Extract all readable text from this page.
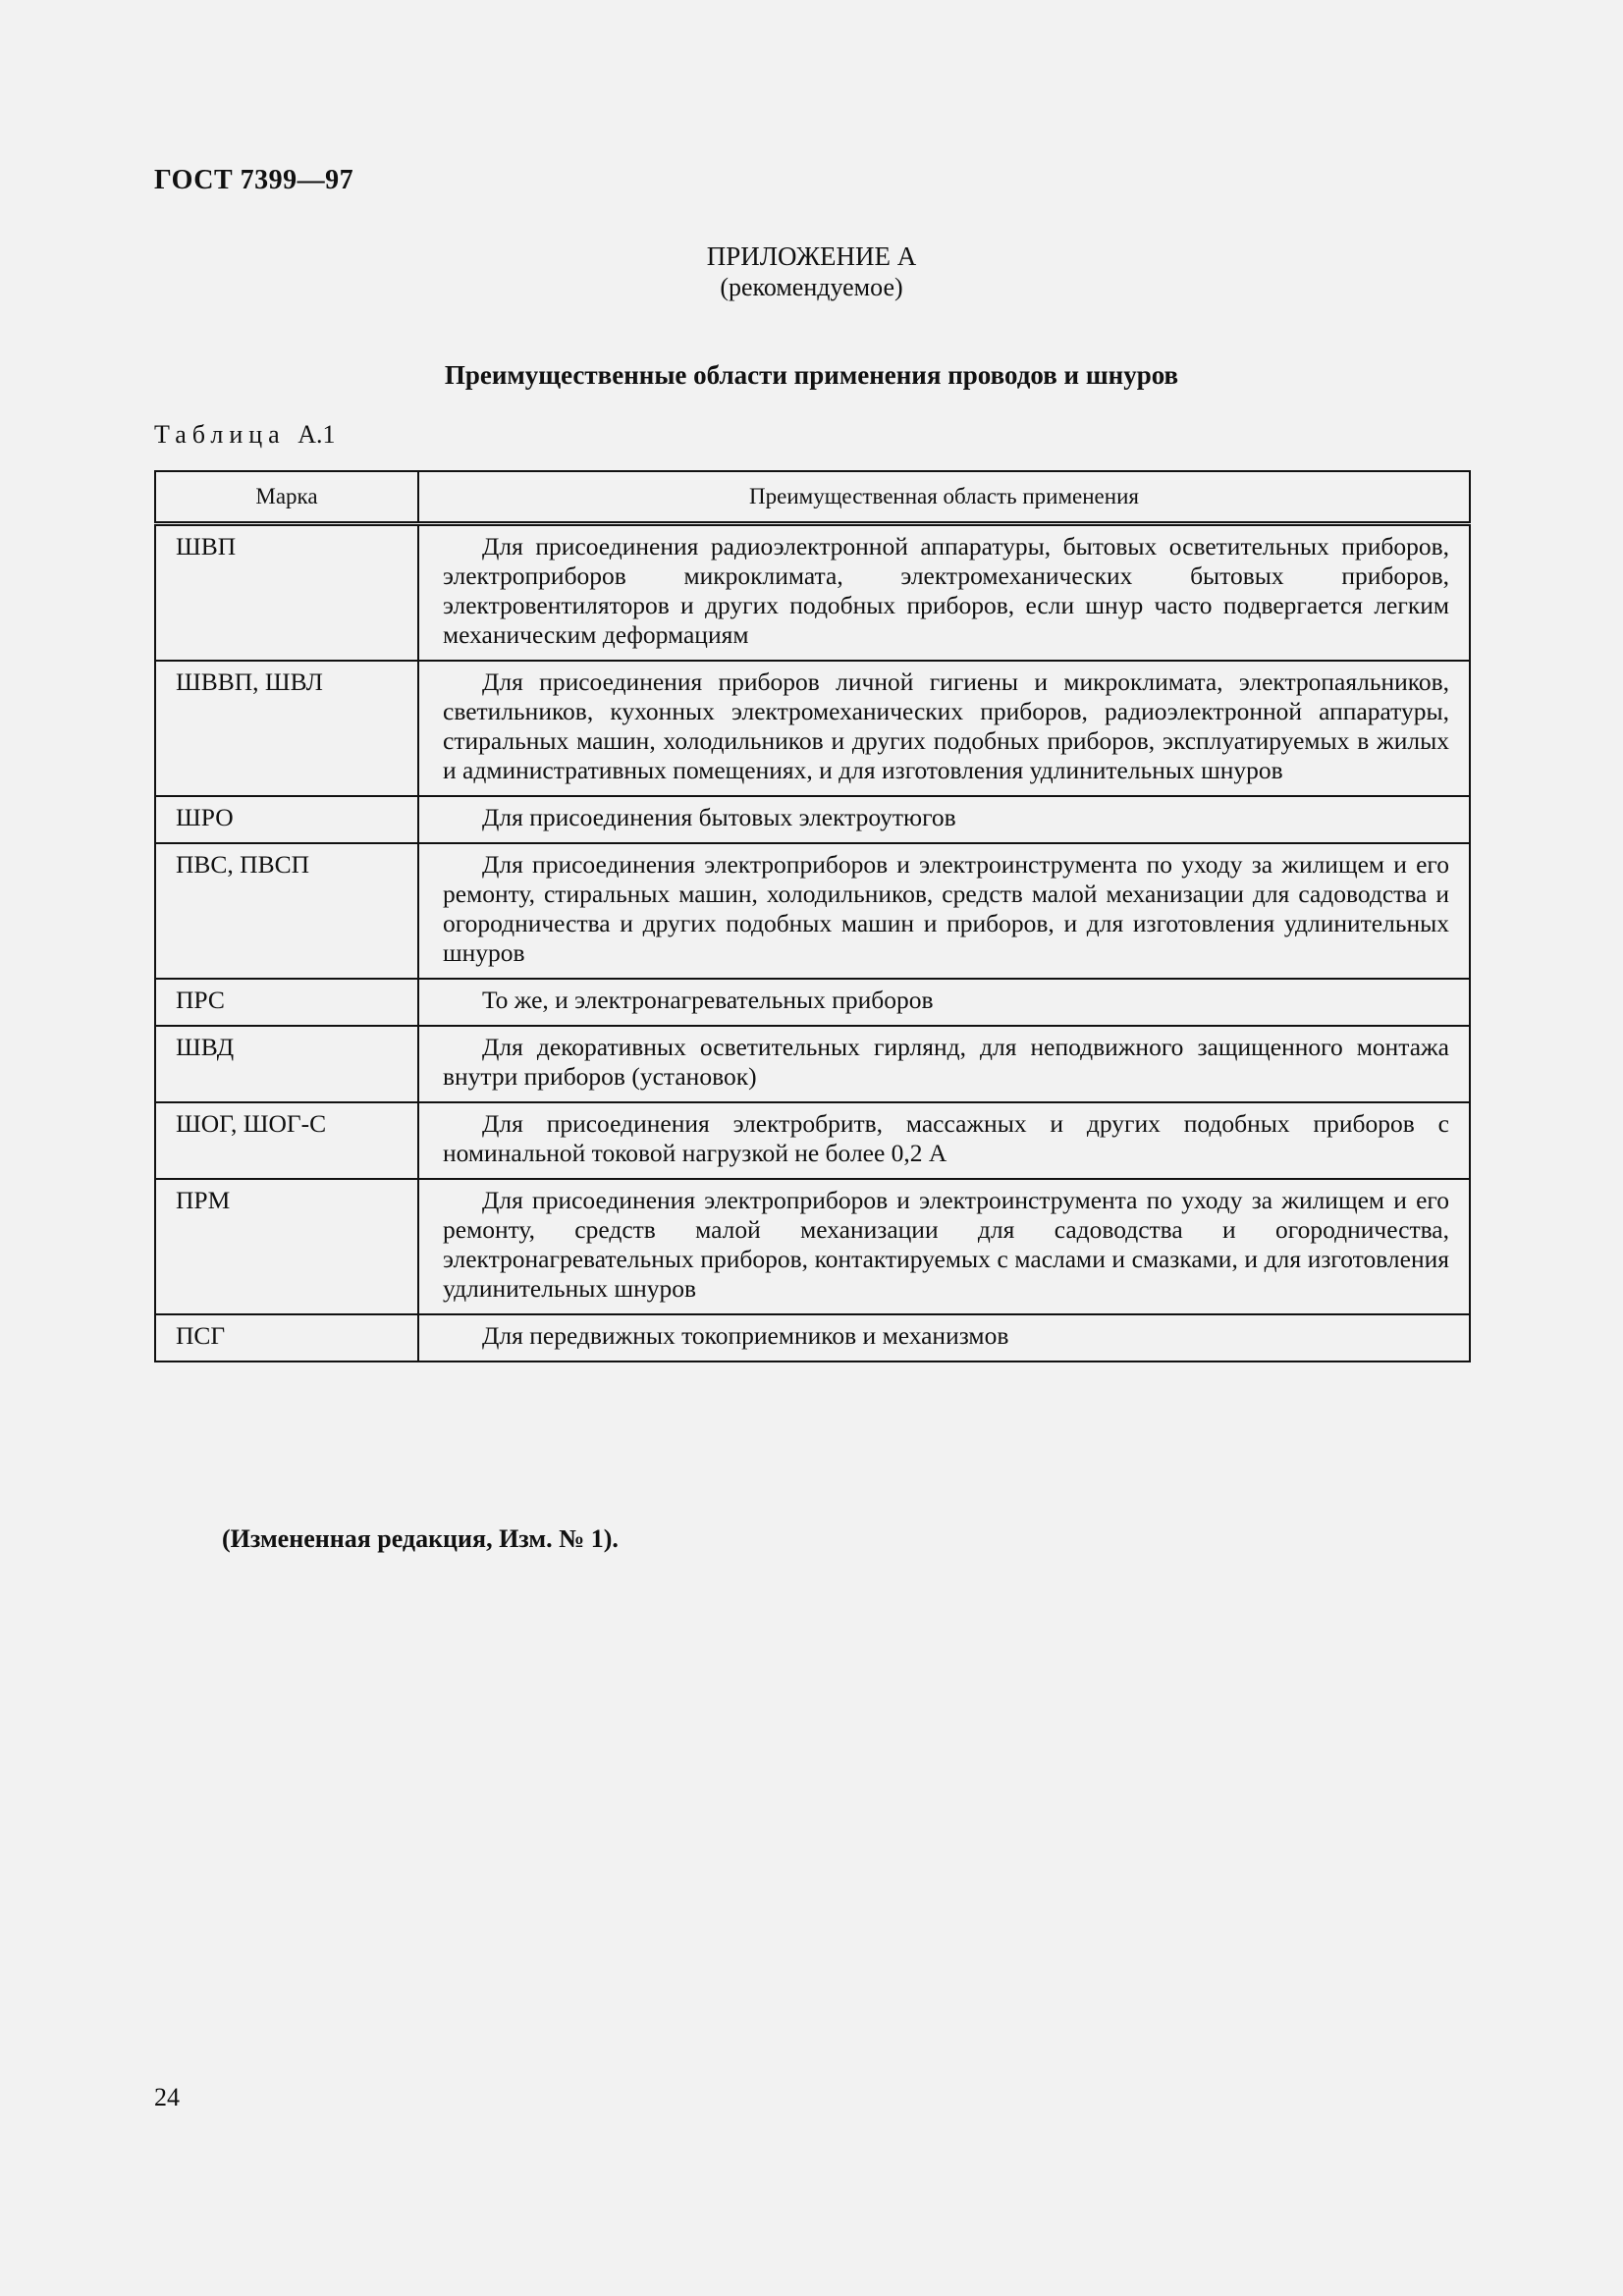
ГОСТ 7399—97
ПРИЛОЖЕНИЕ А
(рекомендуемое)
Преимущественные области применения проводов и шнуров
Таблица А.1
Марка	Преимущественная область применения
ШВП	Для присоединения радиоэлектронной аппаратуры, бытовых осветительных приборов, электроприборов микроклимата, электромеханических бытовых приборов, электровентиляторов и других подобных приборов, если шнур часто подвергается легким механическим деформациям
ШВВП, ШВЛ	Для присоединения приборов личной гигиены и микроклимата, электропаяльников, светильников, кухонных электромеханических приборов, радиоэлектронной аппаратуры, стиральных машин, холодильников и других подобных приборов, эксплуатируемых в жилых и административных помещениях, и для изготовления удлинительных шнуров
ШРО	Для присоединения бытовых электроутюгов
ПВС, ПВСП	Для присоединения электроприборов и электроинструмента по уходу за жилищем и его ремонту, стиральных машин, холодильников, средств малой механизации для садоводства и огородничества и других подобных машин и приборов, и для изготовления удлинительных шнуров
ПРС	То же, и электронагревательных приборов
ШВД	Для декоративных осветительных гирлянд, для неподвижного защищенного монтажа внутри приборов (установок)
ШОГ, ШОГ-С	Для присоединения электробритв, массажных и других подобных приборов с номинальной токовой нагрузкой не более 0,2 А
ПРМ	Для присоединения электроприборов и электроинструмента по уходу за жилищем и его ремонту, средств малой механизации для садоводства и огородничества, электронагревательных приборов, контактируемых с маслами и смазками, и для изготовления удлинительных шнуров
ПСГ	Для передвижных токоприемников и механизмов
(Измененная редакция, Изм. № 1).
24
